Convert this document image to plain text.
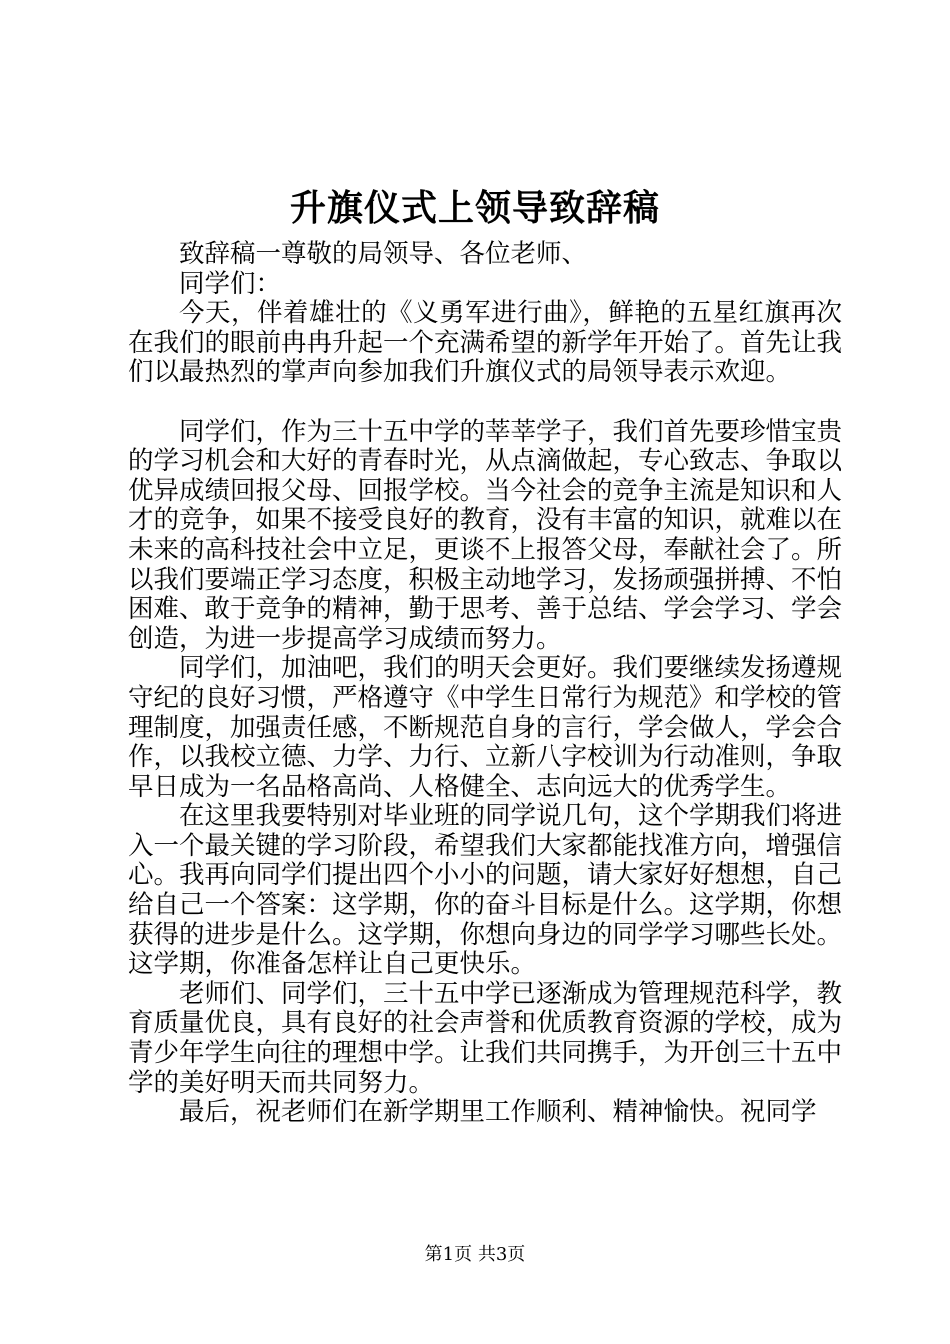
升旗仪式上领导致辞稿

致辞稿一尊敬的局领导、各位老师、

同学们：

今天，伴着雄壮的《义勇军进行曲》，鲜艳的五星红旗再次在我们的眼前冉冉升起一个充满希望的新学年开始了。首先让我们以最热烈的掌声向参加我们升旗仪式的局领导表示欢迎。

同学们，作为三十五中学的莘莘学子，我们首先要珍惜宝贵的学习机会和大好的青春时光，从点滴做起，专心致志、争取以优异成绩回报父母、回报学校。当今社会的竞争主流是知识和人才的竞争，如果不接受良好的教育，没有丰富的知识，就难以在未来的高科技社会中立足，更谈不上报答父母，奉献社会了。所以我们要端正学习态度，积极主动地学习，发扬顽强拼搏、不怕困难、敢于竞争的精神，勤于思考、善于总结、学会学习、学会创造，为进一步提高学习成绩而努力。

同学们，加油吧，我们的明天会更好。我们要继续发扬遵规守纪的良好习惯，严格遵守《中学生日常行为规范》和学校的管理制度，加强责任感，不断规范自身的言行，学会做人，学会合作，以我校立德、力学、力行、立新八字校训为行动准则，争取早日成为一名品格高尚、人格健全、志向远大的优秀学生。

在这里我要特别对毕业班的同学说几句，这个学期我们将进入一个最关键的学习阶段，希望我们大家都能找准方向，增强信心。我再向同学们提出四个小小的问题，请大家好好想想，自己给自己一个答案：这学期，你的奋斗目标是什么。这学期，你想获得的进步是什么。这学期，你想向身边的同学学习哪些长处。这学期，你准备怎样让自己更快乐。

老师们、同学们，三十五中学已逐渐成为管理规范科学，教育质量优良，具有良好的社会声誉和优质教育资源的学校，成为青少年学生向往的理想中学。让我们共同携手，为开创三十五中学的美好明天而共同努力。

最后，祝老师们在新学期里工作顺利、精神愉快。祝同学

第1页 共3页
